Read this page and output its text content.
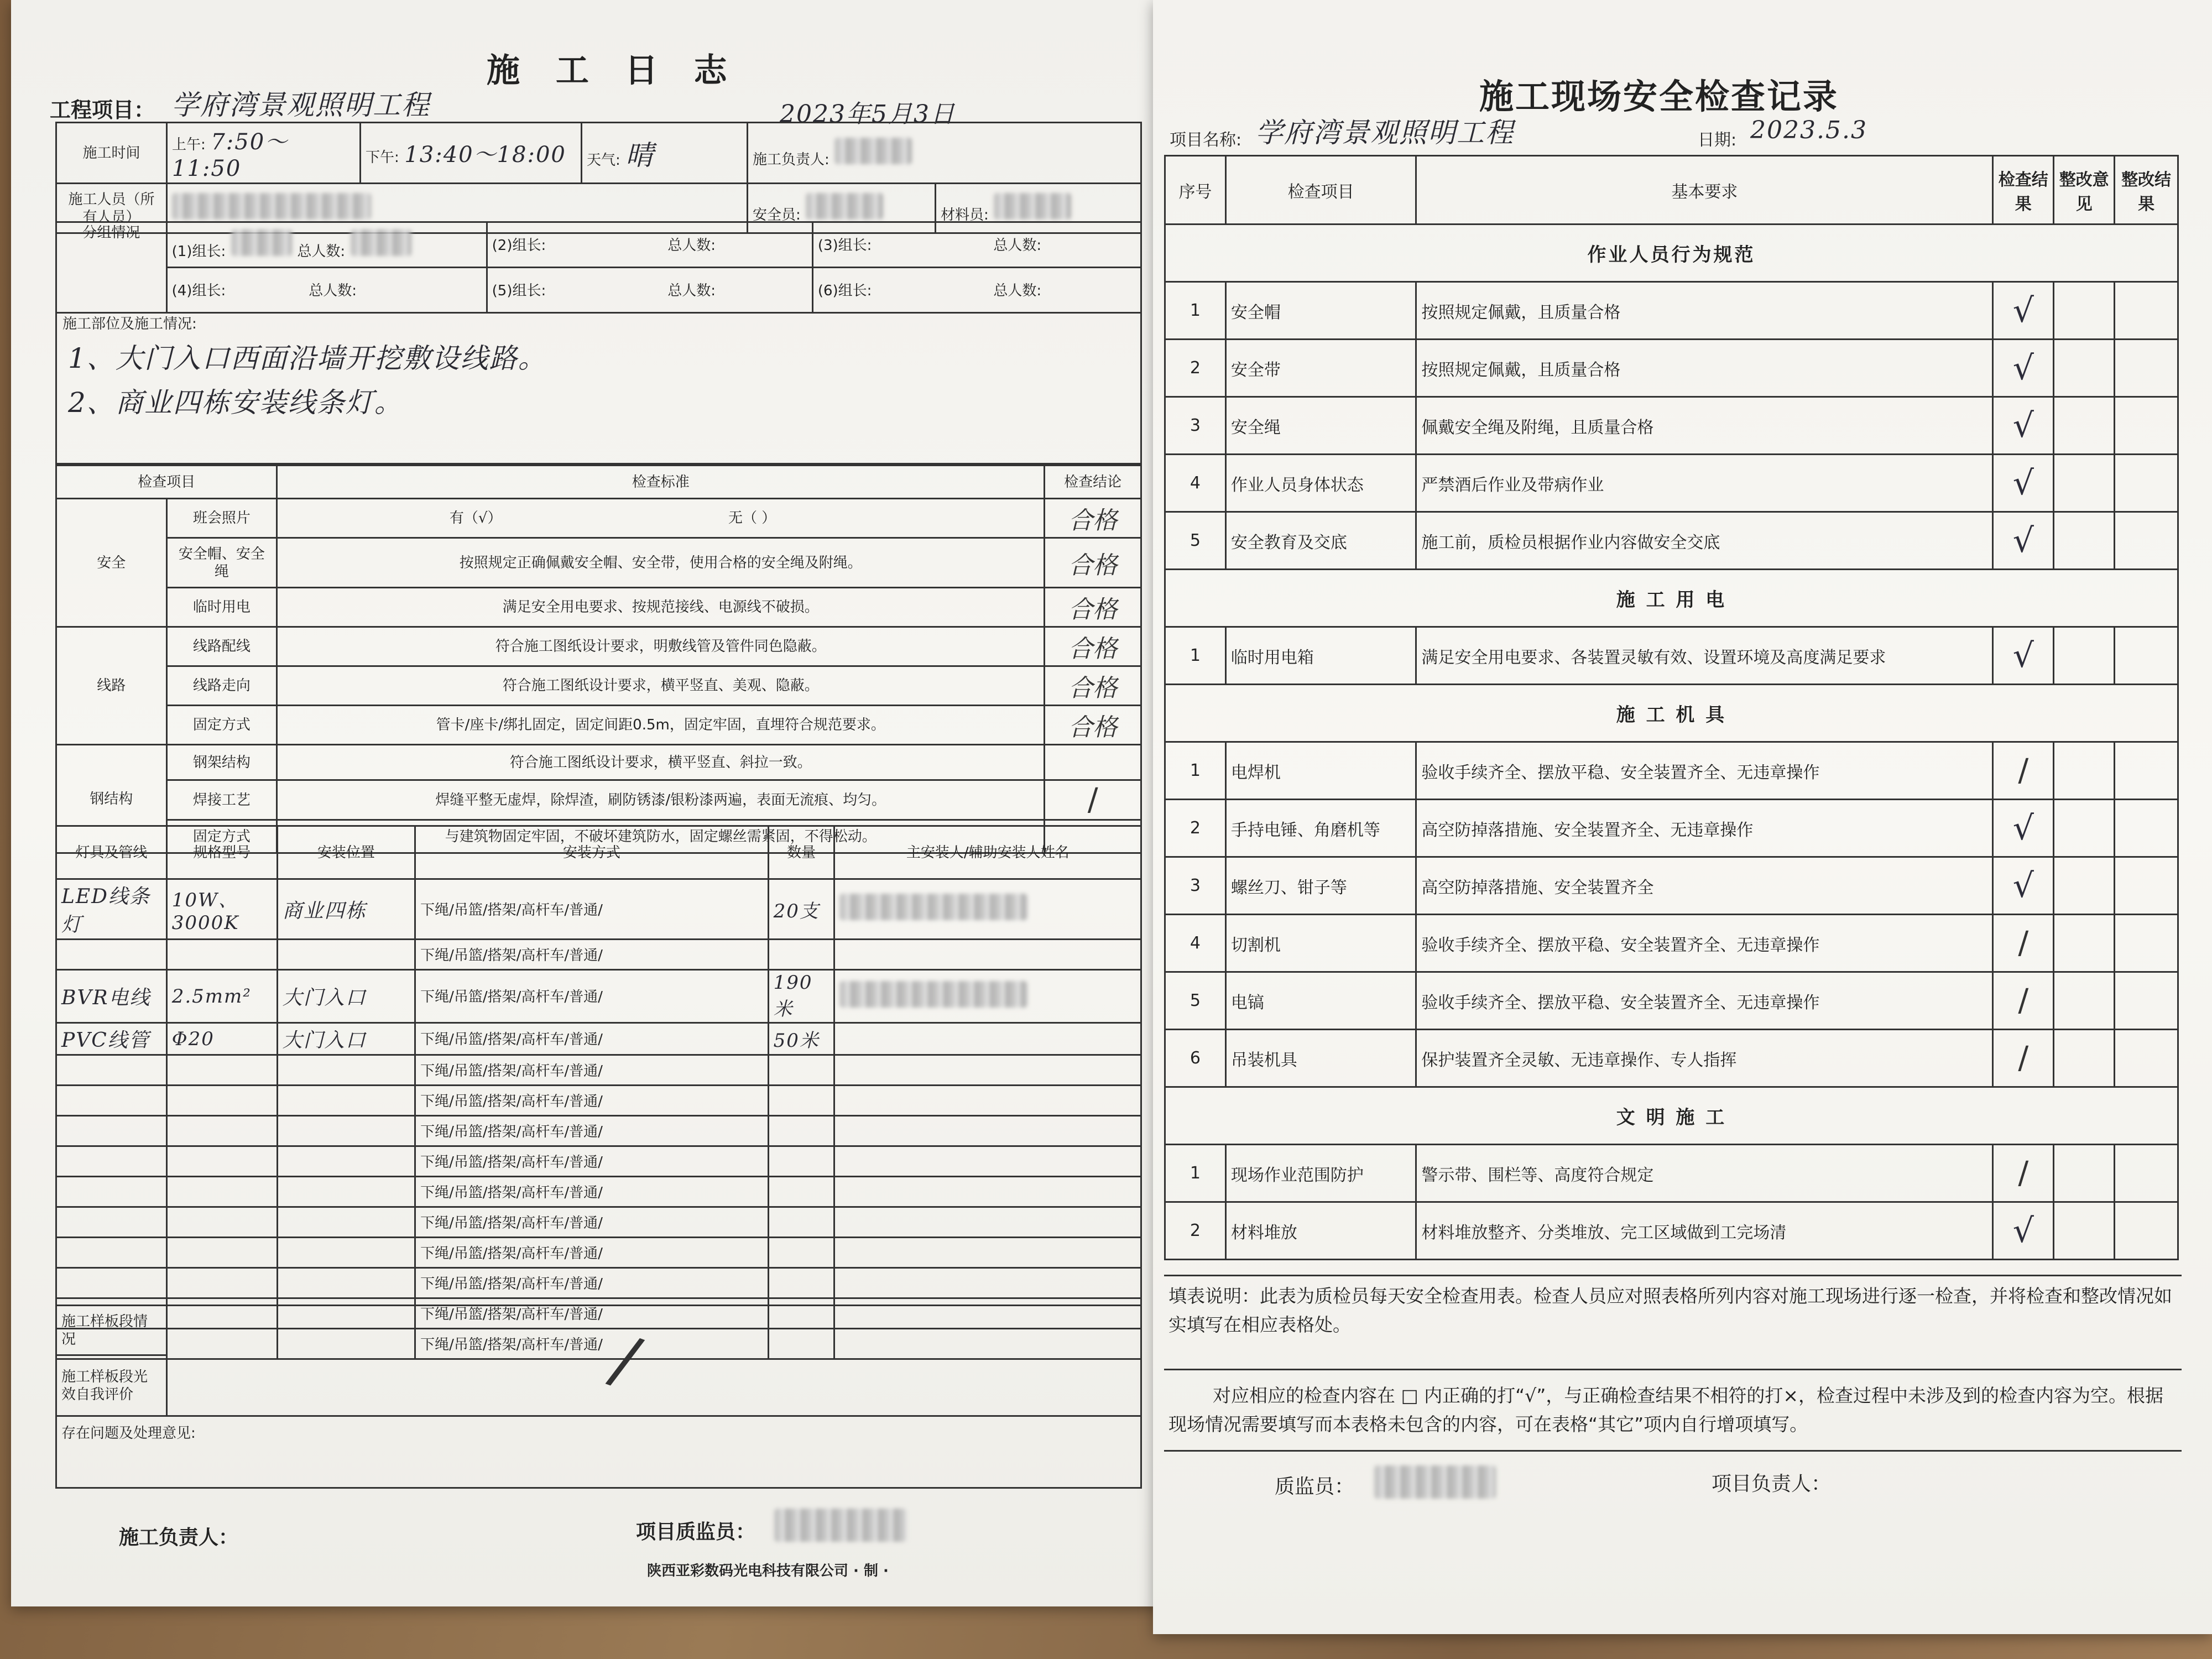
施 工 日 志
工程项目： 学府湾景观照明工程	2023年5月3日
施工时间	上午: 7:50～11:50	下午: 13:40～18:00	天气: 晴	施工负责人:	
施工人员（所有人员）				安全员:	材料员:
分组情况	(1)组长: 总人数:	(2)组长: 总人数:	(3)组长: 总人数:
	(4)组长: 总人数:	(5)组长: 总人数:	(6)组长: 总人数:
施工部位及施工情况:
1、大门入口西面沿墙开挖敷设线路。
2、商业四栋安装线条灯。
检查项目		检查标准	检查结论
安全	班会照片	有（√） 无（ ）	合格
	安全帽、安全绳	按照规定正确佩戴安全帽、安全带，使用合格的安全绳及附绳。	合格
	临时用电	满足安全用电要求、按规范接线、电源线不破损。	合格
线路	线路配线	符合施工图纸设计要求，明敷线管及管件同色隐蔽。	合格
	线路走向	符合施工图纸设计要求，横平竖直、美观、隐蔽。	合格
	固定方式	管卡/座卡/绑扎固定，固定间距0.5m，固定牢固，直埋符合规范要求。	合格
钢结构	钢架结构	符合施工图纸设计要求，横平竖直、斜拉一致。	
	焊接工艺	焊缝平整无虚焊，除焊渣，刷防锈漆/银粉漆两遍，表面无流痕、均匀。	/
	固定方式	与建筑物固定牢固，不破坏建筑防水，固定螺丝需紧固，不得松动。	
灯具及管线	规格型号	安装位置	安装方式	数量	主安装人/辅助安装人姓名
LED线条灯	10W、3000K	商业四栋	下绳/吊篮/搭架/高杆车/普通/	20支	
			下绳/吊篮/搭架/高杆车/普通/		
BVR电线	2.5mm²	大门入口	下绳/吊篮/搭架/高杆车/普通/	190米	
PVC线管	Φ20	大门入口	下绳/吊篮/搭架/高杆车/普通/	50米	
			下绳/吊篮/搭架/高杆车/普通/		
			下绳/吊篮/搭架/高杆车/普通/		
			下绳/吊篮/搭架/高杆车/普通/		
			下绳/吊篮/搭架/高杆车/普通/		
			下绳/吊篮/搭架/高杆车/普通/		
			下绳/吊篮/搭架/高杆车/普通/		
			下绳/吊篮/搭架/高杆车/普通/		
			下绳/吊篮/搭架/高杆车/普通/		
			下绳/吊篮/搭架/高杆车/普通/		
			下绳/吊篮/搭架/高杆车/普通/		
施工样板段情况	/
施工样板段光效自我评价
存在问题及处理意见:
施工负责人：	项目质监员：
陕西亚彩数码光电科技有限公司 · 制 ·
施工现场安全检查记录
项目名称: 学府湾景观照明工程	日期: 2023.5.3
序号	检查项目	基本要求	检查结果	整改意见	整改结果
作业人员行为规范					
1	安全帽	按照规定佩戴，且质量合格	√		
2	安全带	按照规定佩戴，且质量合格	√		
3	安全绳	佩戴安全绳及附绳，且质量合格	√		
4	作业人员身体状态	严禁酒后作业及带病作业	√		
5	安全教育及交底	施工前，质检员根据作业内容做安全交底	√		
施 工 用 电					
1	临时用电箱	满足安全用电要求、各装置灵敏有效、设置环境及高度满足要求	√		
施 工 机 具					
1	电焊机	验收手续齐全、摆放平稳、安全装置齐全、无违章操作	/		
2	手持电锤、角磨机等	高空防掉落措施、安全装置齐全、无违章操作	√		
3	螺丝刀、钳子等	高空防掉落措施、安全装置齐全	√		
4	切割机	验收手续齐全、摆放平稳、安全装置齐全、无违章操作	/		
5	电镐	验收手续齐全、摆放平稳、安全装置齐全、无违章操作	/		
6	吊装机具	保护装置齐全灵敏、无违章操作、专人指挥	/		
文 明 施 工					
1	现场作业范围防护	警示带、围栏等、高度符合规定	/		
2	材料堆放	材料堆放整齐、分类堆放、完工区域做到工完场清	√		
填表说明：此表为质检员每天安全检查用表。检查人员应对照表格所列内容对施工现场进行逐一检查，并将检查和整改情况如实填写在相应表格处。
对应相应的检查内容在 □ 内正确的打“√”，与正确检查结果不相符的打×，检查过程中未涉及到的检查内容为空。根据现场情况需要填写而本表格未包含的内容，可在表格“其它”项内自行增项填写。
质监员：	项目负责人：
